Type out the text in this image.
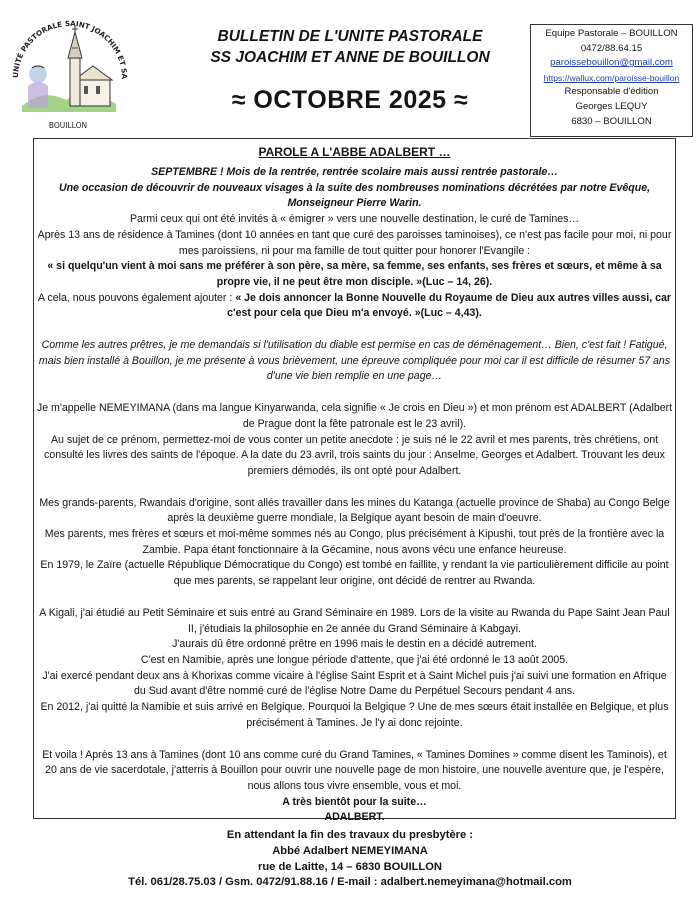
UNITÉ PASTORALE SAINT JOACHIM ET SA
BOUILLON
BULLETIN DE L'UNITE PASTORALE
SS JOACHIM ET ANNE DE BOUILLON
≈ OCTOBRE 2025 ≈
Equipe Pastorale – BOUILLON
0472/88.64.15
paroissebouillon@gmail.com
https://wallux.com/paroisse-bouillon
Responsable d'édition
Georges LEQUY
6830 – BOUILLON
PAROLE A L'ABBE ADALBERT …

SEPTEMBRE ! Mois de la rentrée, rentrée scolaire mais aussi rentrée pastorale…

Une occasion de découvrir de nouveaux visages à la suite des nombreuses nominations décrétées par notre Evêque, Monseigneur Pierre Warin.

Parmi ceux qui ont été invités à « émigrer » vers une nouvelle destination, le curé de Tamines…

Après 13 ans de résidence à Tamines (dont 10 années en tant que curé des paroisses taminoises), ce n'est pas facile pour moi, ni pour mes paroissiens, ni pour ma famille de tout quitter pour honorer l'Evangile :

« si quelqu'un vient à moi sans me préférer à son père, sa mère, sa femme, ses enfants, ses frères et sœurs, et même à sa propre vie, il ne peut être mon disciple. »(Luc – 14, 26).

A cela, nous pouvons également ajouter : « Je dois annoncer la Bonne Nouvelle du Royaume de Dieu aux autres villes aussi, car c'est pour cela que Dieu m'a envoyé. »(Luc – 4,43).

Comme les autres prêtres, je me demandais si l'utilisation du diable est permise en cas de déménagement… Bien, c'est fait ! Fatigué, mais bien installé à Bouillon, je me présente à vous brièvement, une épreuve compliquée pour moi car il est difficile de résumer 57 ans d'une vie bien remplie en une page…

Je m'appelle NEMEYIMANA (dans ma langue Kinyarwanda, cela signifie « Je crois en Dieu ») et mon prénom est ADALBERT (Adalbert de Prague dont la fête patronale est le 23 avril).

Au sujet de ce prénom, permettez-moi de vous conter un petite anecdote : je suis né le 22 avril et mes parents, très chrétiens, ont consulté les livres des saints de l'époque. A la date du 23 avril, trois saints du jour : Anselme, Georges et Adalbert. Trouvant les deux premiers démodés, ils ont opté pour Adalbert.

Mes grands-parents, Rwandais d'origine, sont allés travailler dans les mines du Katanga (actuelle province de Shaba) au Congo Belge après la deuxième guerre mondiale, la Belgique ayant besoin de main d'oeuvre.

Mes parents, mes frères et sœurs et moi-même sommes nés au Congo, plus précisément à Kipushi, tout près de la frontière avec la Zambie. Papa étant fonctionnaire à la Gécamine, nous avons vécu une enfance heureuse.

En 1979, le Zaïre (actuelle République Démocratique du Congo) est tombé en faillite, y rendant la vie particulièrement difficile au point que mes parents, se rappelant leur origine, ont décidé de rentrer au Rwanda.

A Kigali, j'ai étudié au Petit Séminaire et suis entré au Grand Séminaire en 1989. Lors de la visite au Rwanda du Pape Saint Jean Paul II, j'étudiais la philosophie en 2e année du Grand Séminaire à Kabgayi.

J'aurais dû être ordonné prêtre en 1996 mais le destin en a décidé autrement.

C'est en Namibie, après une longue période d'attente, que j'ai été ordonné le 13 août 2005.

J'ai exercé pendant deux ans à Khorixas comme vicaire à l'église Saint Esprit et à Saint Michel puis j'ai suivi une formation en Afrique du Sud avant d'être nommé curé de l'église Notre Dame du Perpétuel Secours pendant 4 ans.

En 2012, j'ai quitté la Namibie et suis arrivé en Belgique. Pourquoi la Belgique ? Une de mes sœurs était installée en Belgique, et plus précisément à Tamines. Je l'y ai donc rejointe.

Et voila ! Après 13 ans à Tamines (dont 10 ans comme curé du Grand Tamines, « Tamines Domines » comme disent les Taminois), et 20 ans de vie sacerdotale, j'atterris à Bouillon pour ouvrir une nouvelle page de mon histoire, une nouvelle aventure que, je l'espère, nous allons tous vivre ensemble, vous et moi.

A très bientôt pour la suite…

ADALBERT.

En attendant la fin des travaux du presbytère :
Abbé Adalbert NEMEYIMANA
rue de Laitte, 14 – 6830 BOUILLON
Tél. 061/28.75.03 / Gsm. 0472/91.88.16 / E-mail : adalbert.nemeyimana@hotmail.com
